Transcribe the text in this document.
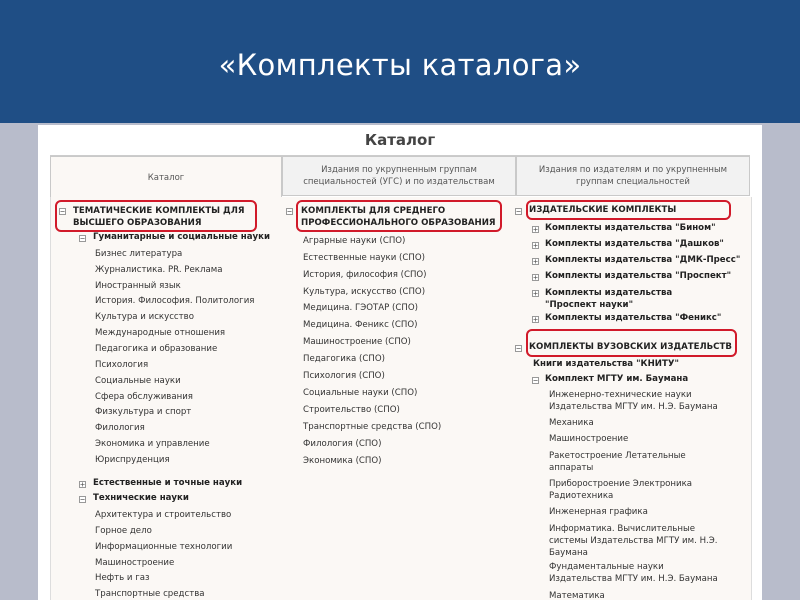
«Комплекты каталога»
Каталог
Каталог
Издания по укрупненным группам специальностей (УГС) и по издательствам
Издания по издателям и по укрупненным группам специальностей
− ТЕМАТИЧЕСКИЕ КОМПЛЕКТЫ ДЛЯ ВЫСШЕГО ОБРАЗОВАНИЯ
− Гуманитарные и социальные науки
Бизнес литература
Журналистика. PR. Реклама
Иностранный язык
История. Философия. Политология
Культура и искусство
Международные отношения
Педагогика и образование
Психология
Социальные науки
Сфера обслуживания
Физкультура и спорт
Филология
Экономика и управление
Юриспруденция
+ Естественные и точные науки
− Технические науки
Архитектура и строительство
Горное дело
Информационные технологии
Машиностроение
Нефть и газ
Транспортные средства
− КОМПЛЕКТЫ ДЛЯ СРЕДНЕГО ПРОФЕССИОНАЛЬНОГО ОБРАЗОВАНИЯ
Аграрные науки (СПО)
Естественные науки (СПО)
История, философия (СПО)
Культура, искусство (СПО)
Медицина. ГЭОТАР (СПО)
Медицина. Феникс (СПО)
Машиностроение (СПО)
Педагогика (СПО)
Психология (СПО)
Социальные науки (СПО)
Строительство (СПО)
Транспортные средства (СПО)
Филология (СПО)
Экономика (СПО)
− ИЗДАТЕЛЬСКИЕ КОМПЛЕКТЫ
+ Комплекты издательства "Бином"
+ Комплекты издательства "Дашков"
+ Комплекты издательства "ДМК-Пресс"
+ Комплекты издательства "Проспект"
+ Комплекты издательства "Проспект науки"
+ Комплекты издательства "Феникс"
− КОМПЛЕКТЫ ВУЗОВСКИХ ИЗДАТЕЛЬСТВ
Книги издательства "КНИТУ"
− Комплект МГТУ им. Баумана
Инженерно-технические науки Издательства МГТУ им. Н.Э. Баумана
Механика
Машиностроение
Ракетостроение Летательные аппараты
Приборостроение Электроника Радиотехника
Инженерная графика
Информатика. Вычислительные системы Издательства МГТУ им. Н.Э. Баумана
Фундаментальные науки Издательства МГТУ им. Н.Э. Баумана
Математика
